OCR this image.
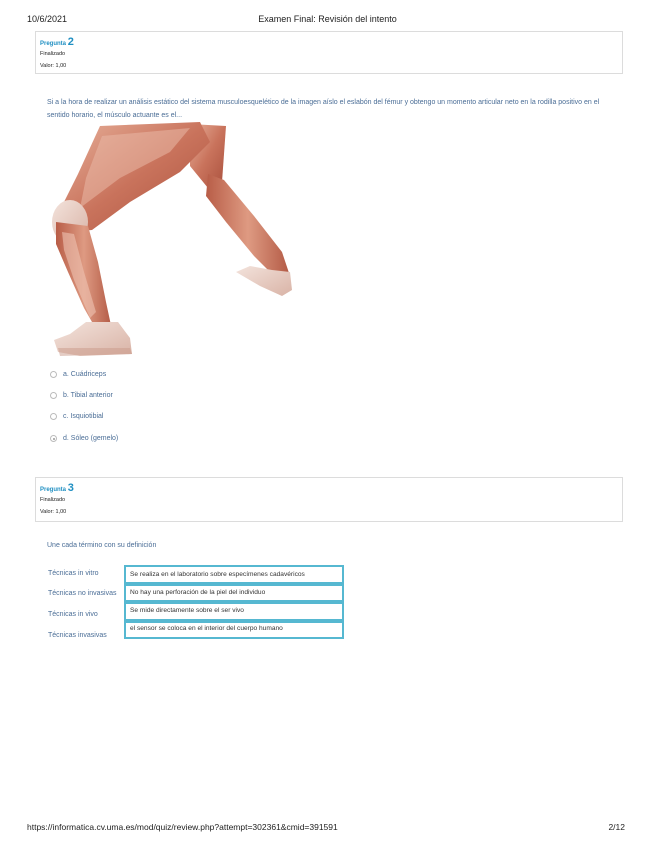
10/6/2021	Examen Final: Revisión del intento
Pregunta 2
Finalizado
Valor: 1,00
Si a la hora de realizar un análisis estático del sistema musculoesquelético de la imagen aíslo el eslabón del fémur y obtengo un momento articular neto en la rodilla positivo en el sentido horario, el músculo actuante es el...
a. Cuádriceps
b. Tibial anterior
c. Isquiotibial
d. Sóleo (gemelo)
Pregunta 3
Finalizado
Valor: 1,00
Une cada término con su definición
Técnicas in vitro
Técnicas no invasivas
Técnicas in vivo
Técnicas invasivas
Se realiza en el laboratorio sobre especímenes cadavéricos
No hay una perforación de la piel del individuo
Se mide directamente sobre el ser vivo
el sensor se coloca en el interior del cuerpo humano
https://informatica.cv.uma.es/mod/quiz/review.php?attempt=302361&cmid=391591	2/12
